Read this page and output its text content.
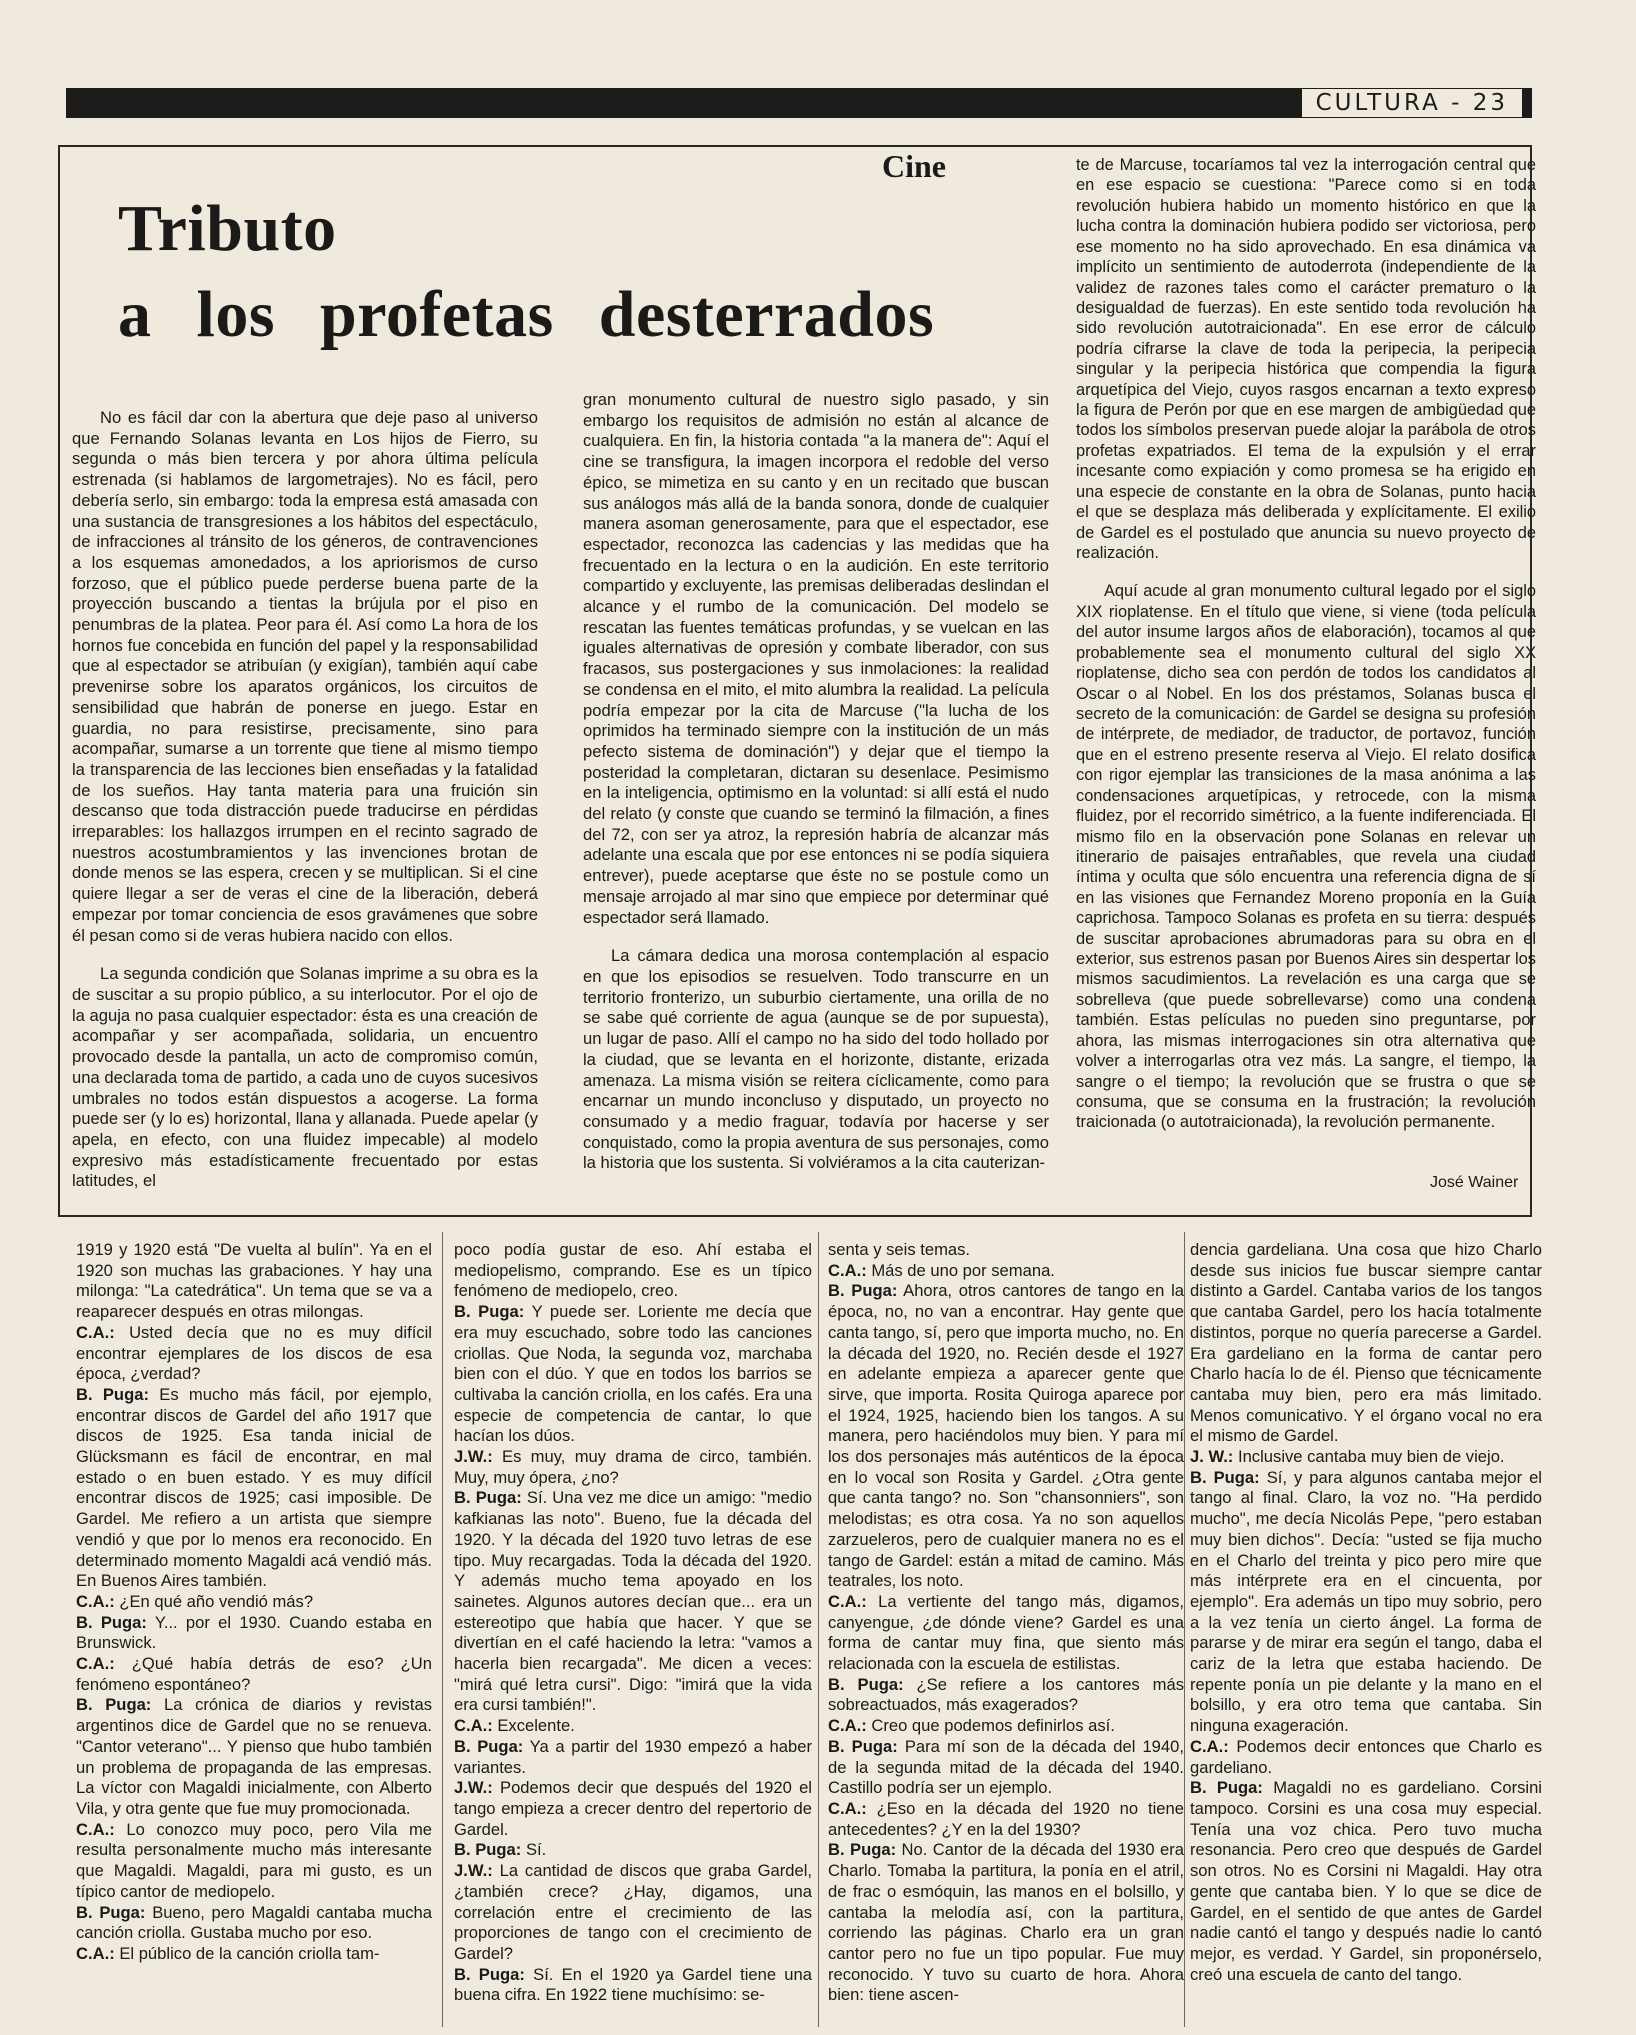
CULTURA - 23
Cine
Tributo
a los profetas desterrados

No es fácil dar con la abertura que deje paso al universo que Fernando Solanas levanta en Los hijos de Fierro, su segunda o más bien tercera y por ahora última película estrenada (si hablamos de largometrajes). No es fácil, pero debería serlo, sin embargo: toda la empresa está amasada con una sustancia de transgresiones a los hábitos del espectáculo, de infracciones al tránsito de los géneros, de contravenciones a los esquemas amonedados, a los apriorismos de curso forzoso, que el público puede perderse buena parte de la proyección buscando a tientas la brújula por el piso en penumbras de la platea. Peor para él. Así como La hora de los hornos fue concebida en función del papel y la responsabilidad que al espectador se atribuían (y exigían), también aquí cabe prevenirse sobre los aparatos orgánicos, los circuitos de sensibilidad que habrán de ponerse en juego. Estar en guardia, no para resistirse, precisamente, sino para acompañar, sumarse a un torrente que tiene al mismo tiempo la transparencia de las lecciones bien enseñadas y la fatalidad de los sueños. Hay tanta materia para una fruición sin descanso que toda distracción puede traducirse en pérdidas irreparables: los hallazgos irrumpen en el recinto sagrado de nuestros acostumbramientos y las invenciones brotan de donde menos se las espera, crecen y se multiplican. Si el cine quiere llegar a ser de veras el cine de la liberación, deberá empezar por tomar conciencia de esos gravámenes que sobre él pesan como si de veras hubiera nacido con ellos.

La segunda condición que Solanas imprime a su obra es la de suscitar a su propio público, a su interlocutor. Por el ojo de la aguja no pasa cualquier espectador: ésta es una creación de acompañar y ser acompañada, solidaria, un encuentro provocado desde la pantalla, un acto de compromiso común, una declarada toma de partido, a cada uno de cuyos sucesivos umbrales no todos están dispuestos a acogerse. La forma puede ser (y lo es) horizontal, llana y allanada. Puede apelar (y apela, en efecto, con una fluidez impecable) al modelo expresivo más estadísticamente frecuentado por estas latitudes, el

gran monumento cultural de nuestro siglo pasado, y sin embargo los requisitos de admisión no están al alcance de cualquiera. En fin, la historia contada "a la manera de": Aquí el cine se transfigura, la imagen incorpora el redoble del verso épico, se mimetiza en su canto y en un recitado que buscan sus análogos más allá de la banda sonora, donde de cualquier manera asoman generosamente, para que el espectador, ese espectador, reconozca las cadencias y las medidas que ha frecuentado en la lectura o en la audición. En este territorio compartido y excluyente, las premisas deliberadas deslindan el alcance y el rumbo de la comunicación. Del modelo se rescatan las fuentes temáticas profundas, y se vuelcan en las iguales alternativas de opresión y combate liberador, con sus fracasos, sus postergaciones y sus inmolaciones: la realidad se condensa en el mito, el mito alumbra la realidad. La película podría empezar por la cita de Marcuse ("la lucha de los oprimidos ha terminado siempre con la institución de un más pefecto sistema de dominación") y dejar que el tiempo la posteridad la completaran, dictaran su desenlace. Pesimismo en la inteligencia, optimismo en la voluntad: si allí está el nudo del relato (y conste que cuando se terminó la filmación, a fines del 72, con ser ya atroz, la represión habría de alcanzar más adelante una escala que por ese entonces ni se podía siquiera entrever), puede aceptarse que éste no se postule como un mensaje arrojado al mar sino que empiece por determinar qué espectador será llamado.

La cámara dedica una morosa contemplación al espacio en que los episodios se resuelven. Todo transcurre en un territorio fronterizo, un suburbio ciertamente, una orilla de no se sabe qué corriente de agua (aunque se de por supuesta), un lugar de paso. Allí el campo no ha sido del todo hollado por la ciudad, que se levanta en el horizonte, distante, erizada amenaza. La misma visión se reitera cíclicamente, como para encarnar un mundo inconcluso y disputado, un proyecto no consumado y a medio fraguar, todavía por hacerse y ser conquistado, como la propia aventura de sus personajes, como la historia que los sustenta. Si volviéramos a la cita cauterizan-

te de Marcuse, tocaríamos tal vez la interrogación central que en ese espacio se cuestiona: "Parece como si en toda revolución hubiera habido un momento histórico en que la lucha contra la dominación hubiera podido ser victoriosa, pero ese momento no ha sido aprovechado. En esa dinámica va implícito un sentimiento de autoderrota (independiente de la validez de razones tales como el carácter prematuro o la desigualdad de fuerzas). En este sentido toda revolución ha sido revolución autotraicionada". En ese error de cálculo podría cifrarse la clave de toda la peripecia, la peripecia singular y la peripecia histórica que compendia la figura arquetípica del Viejo, cuyos rasgos encarnan a texto expreso la figura de Perón por que en ese margen de ambigüedad que todos los símbolos preservan puede alojar la parábola de otros profetas expatriados. El tema de la expulsión y el errar incesante como expiación y como promesa se ha erigido en una especie de constante en la obra de Solanas, punto hacia el que se desplaza más deliberada y explícitamente. El exilio de Gardel es el postulado que anuncia su nuevo proyecto de realización.

Aquí acude al gran monumento cultural legado por el siglo XIX rioplatense. En el título que viene, si viene (toda película del autor insume largos años de elaboración), tocamos al que probablemente sea el monumento cultural del siglo XX rioplatense, dicho sea con perdón de todos los candidatos al Oscar o al Nobel. En los dos préstamos, Solanas busca el secreto de la comunicación: de Gardel se designa su profesión de intérprete, de mediador, de traductor, de portavoz, función que en el estreno presente reserva al Viejo. El relato dosifica con rigor ejemplar las transiciones de la masa anónima a las condensaciones arquetípicas, y retrocede, con la misma fluidez, por el recorrido simétrico, a la fuente indiferenciada. El mismo filo en la observación pone Solanas en relevar un itinerario de paisajes entrañables, que revela una ciudad íntima y oculta que sólo encuentra una referencia digna de sí en las visiones que Fernandez Moreno proponía en la Guía caprichosa. Tampoco Solanas es profeta en su tierra: después de suscitar aprobaciones abrumadoras para su obra en el exterior, sus estrenos pasan por Buenos Aires sin despertar los mismos sacudimientos. La revelación es una carga que se sobrelleva (que puede sobrellevarse) como una condena también. Estas películas no pueden sino preguntarse, por ahora, las mismas interrogaciones sin otra alternativa que volver a interrogarlas otra vez más. La sangre, el tiempo, la sangre o el tiempo; la revolución que se frustra o que se consuma, que se consuma en la frustración; la revolución traicionada (o autotraicionada), la revolución permanente.

José Wainer

1919 y 1920 está "De vuelta al bulín". Ya en el 1920 son muchas las grabaciones. Y hay una milonga: "La catedrática". Un tema que se va a reaparecer después en otras milongas.

C.A.: Usted decía que no es muy difícil encontrar ejemplares de los discos de esa época, ¿verdad?

B. Puga: Es mucho más fácil, por ejemplo, encontrar discos de Gardel del año 1917 que discos de 1925. Esa tanda inicial de Glücksmann es fácil de encontrar, en mal estado o en buen estado. Y es muy difícil encontrar discos de 1925; casi imposible. De Gardel. Me refiero a un artista que siempre vendió y que por lo menos era reconocido. En determinado momento Magaldi acá vendió más. En Buenos Aires también.

C.A.: ¿En qué año vendió más?

B. Puga: Y... por el 1930. Cuando estaba en Brunswick.

C.A.: ¿Qué había detrás de eso? ¿Un fenómeno espontáneo?

B. Puga: La crónica de diarios y revistas argentinos dice de Gardel que no se renueva. "Cantor veterano"... Y pienso que hubo también un problema de propaganda de las empresas. La víctor con Magaldi inicialmente, con Alberto Vila, y otra gente que fue muy promocionada.

C.A.: Lo conozco muy poco, pero Vila me resulta personalmente mucho más interesante que Magaldi. Magaldi, para mi gusto, es un típico cantor de mediopelo.

B. Puga: Bueno, pero Magaldi cantaba mucha canción criolla. Gustaba mucho por eso.

C.A.: El público de la canción criolla tam-

poco podía gustar de eso. Ahí estaba el mediopelismo, comprando. Ese es un típico fenómeno de mediopelo, creo.

B. Puga: Y puede ser. Loriente me decía que era muy escuchado, sobre todo las canciones criollas. Que Noda, la segunda voz, marchaba bien con el dúo. Y que en todos los barrios se cultivaba la canción criolla, en los cafés. Era una especie de competencia de cantar, lo que hacían los dúos.

J.W.: Es muy, muy drama de circo, también. Muy, muy ópera, ¿no?

B. Puga: Sí. Una vez me dice un amigo: "medio kafkianas las noto". Bueno, fue la década del 1920. Y la década del 1920 tuvo letras de ese tipo. Muy recargadas. Toda la década del 1920. Y además mucho tema apoyado en los sainetes. Algunos autores decían que... era un estereotipo que había que hacer. Y que se divertían en el café haciendo la letra: "vamos a hacerla bien recargada". Me dicen a veces: "mirá qué letra cursi". Digo: "imirá que la vida era cursi también!".

C.A.: Excelente.

B. Puga: Ya a partir del 1930 empezó a haber variantes.

J.W.: Podemos decir que después del 1920 el tango empieza a crecer dentro del repertorio de Gardel.

B. Puga: Sí.

J.W.: La cantidad de discos que graba Gardel, ¿también crece? ¿Hay, digamos, una correlación entre el crecimiento de las proporciones de tango con el crecimiento de Gardel?

B. Puga: Sí. En el 1920 ya Gardel tiene una buena cifra. En 1922 tiene muchísimo: se-

senta y seis temas.

C.A.: Más de uno por semana.

B. Puga: Ahora, otros cantores de tango en la época, no, no van a encontrar. Hay gente que canta tango, sí, pero que importa mucho, no. En la década del 1920, no. Recién desde el 1927 en adelante empieza a aparecer gente que sirve, que importa. Rosita Quiroga aparece por el 1924, 1925, haciendo bien los tangos. A su manera, pero haciéndolos muy bien. Y para mí los dos personajes más auténticos de la época en lo vocal son Rosita y Gardel. ¿Otra gente que canta tango? no. Son "chansonniers", son melodistas; es otra cosa. Ya no son aquellos zarzueleros, pero de cualquier manera no es el tango de Gardel: están a mitad de camino. Más teatrales, los noto.

C.A.: La vertiente del tango más, digamos, canyengue, ¿de dónde viene? Gardel es una forma de cantar muy fina, que siento más relacionada con la escuela de estilistas.

B. Puga: ¿Se refiere a los cantores más sobreactuados, más exagerados?

C.A.: Creo que podemos definirlos así.

B. Puga: Para mí son de la década del 1940, de la segunda mitad de la década del 1940. Castillo podría ser un ejemplo.

C.A.: ¿Eso en la década del 1920 no tiene antecedentes? ¿Y en la del 1930?

B. Puga: No. Cantor de la década del 1930 era Charlo. Tomaba la partitura, la ponía en el atril, de frac o esmóquin, las manos en el bolsillo, y cantaba la melodía así, con la partitura, corriendo las páginas. Charlo era un gran cantor pero no fue un tipo popular. Fue muy reconocido. Y tuvo su cuarto de hora. Ahora bien: tiene ascen-

dencia gardeliana. Una cosa que hizo Charlo desde sus inicios fue buscar siempre cantar distinto a Gardel. Cantaba varios de los tangos que cantaba Gardel, pero los hacía totalmente distintos, porque no quería parecerse a Gardel. Era gardeliano en la forma de cantar pero Charlo hacía lo de él. Pienso que técnicamente cantaba muy bien, pero era más limitado. Menos comunicativo. Y el órgano vocal no era el mismo de Gardel.

J. W.: Inclusive cantaba muy bien de viejo.

B. Puga: Sí, y para algunos cantaba mejor el tango al final. Claro, la voz no. "Ha perdido mucho", me decía Nicolás Pepe, "pero estaban muy bien dichos". Decía: "usted se fija mucho en el Charlo del treinta y pico pero mire que más intérprete era en el cincuenta, por ejemplo". Era además un tipo muy sobrio, pero a la vez tenía un cierto ángel. La forma de pararse y de mirar era según el tango, daba el cariz de la letra que estaba haciendo. De repente ponía un pie delante y la mano en el bolsillo, y era otro tema que cantaba. Sin ninguna exageración.

C.A.: Podemos decir entonces que Charlo es gardeliano.

B. Puga: Magaldi no es gardeliano. Corsini tampoco. Corsini es una cosa muy especial. Tenía una voz chica. Pero tuvo mucha resonancia. Pero creo que después de Gardel son otros. No es Corsini ni Magaldi. Hay otra gente que cantaba bien. Y lo que se dice de Gardel, en el sentido de que antes de Gardel nadie cantó el tango y después nadie lo cantó mejor, es verdad. Y Gardel, sin proponérselo, creó una escuela de canto del tango.
